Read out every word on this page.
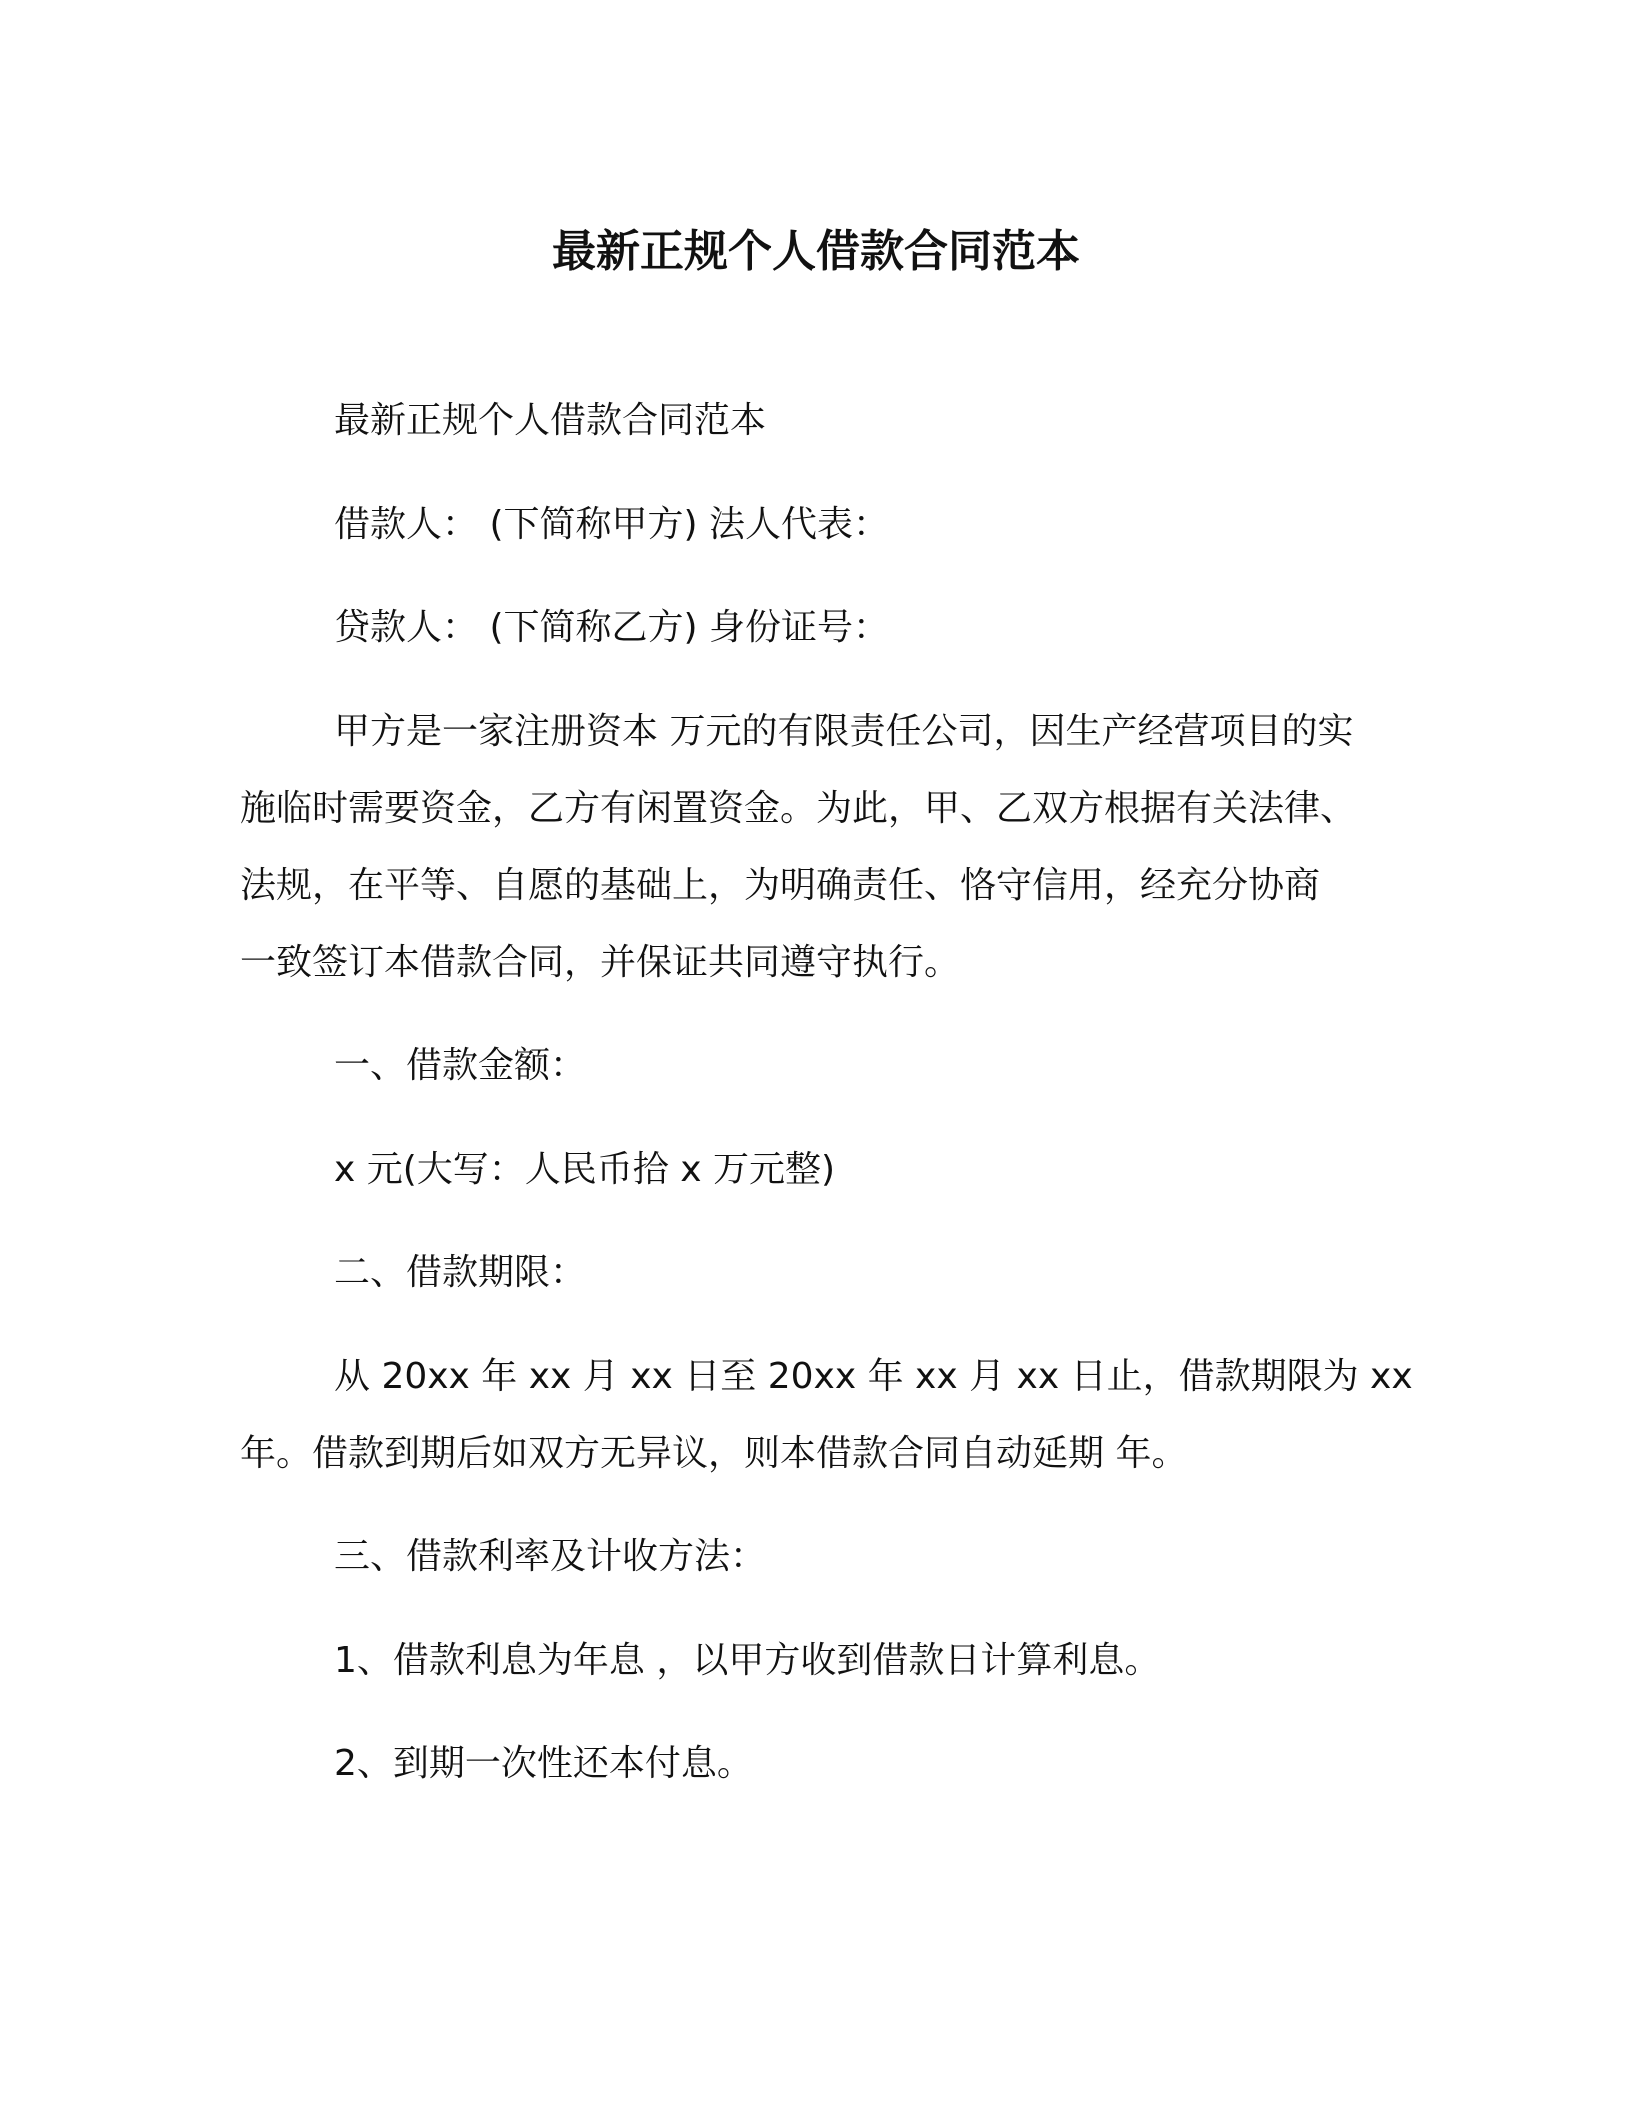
最新正规个人借款合同范本
最新正规个人借款合同范本
借款人： (下简称甲方) 法人代表：
贷款人： (下简称乙方) 身份证号：
甲方是一家注册资本 万元的有限责任公司，因生产经营项目的实
施临时需要资金，乙方有闲置资金。为此，甲、乙双方根据有关法律、
法规，在平等、自愿的基础上，为明确责任、恪守信用，经充分协商
一致签订本借款合同，并保证共同遵守执行。
一、借款金额：
x 元(大写：人民币拾 x 万元整)
二、借款期限：
从 20xx 年 xx 月 xx 日至 20xx 年 xx 月 xx 日止，借款期限为 xx
年。借款到期后如双方无异议，则本借款合同自动延期 年。
三、借款利率及计收方法：
1、借款利息为年息 ，以甲方收到借款日计算利息。
2、到期一次性还本付息。
